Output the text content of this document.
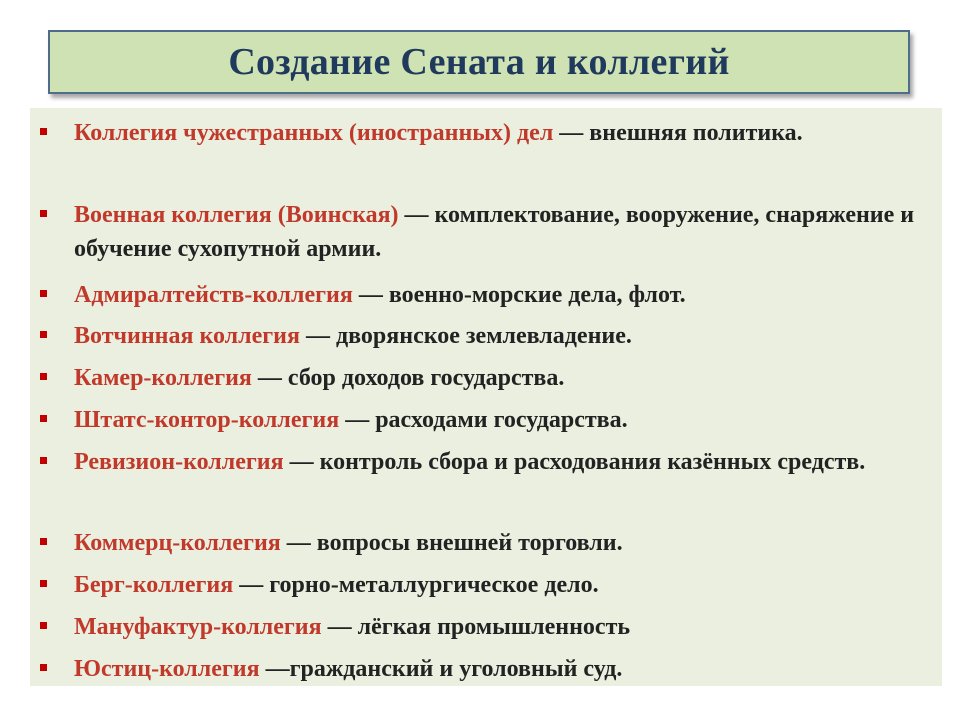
Создание Сената и коллегий
Коллегия чужестранных (иностранных) дел — внешняя политика.
Военная коллегия (Воинская) — комплектование, вооружение, снаряжение и обучение сухопутной армии.
Адмиралтейств-коллегия — военно-морские дела, флот.
Вотчинная коллегия — дворянское землевладение.
Камер-коллегия — сбор доходов государства.
Штатс-контор-коллегия — расходами государства.
Ревизион-коллегия — контроль сбора и расходования казённых средств.
Коммерц-коллегия — вопросы внешней торговли.
Берг-коллегия — горно-металлургическое дело.
Мануфактур-коллегия — лёгкая промышленность
Юстиц-коллегия —гражданский и уголовный суд.
